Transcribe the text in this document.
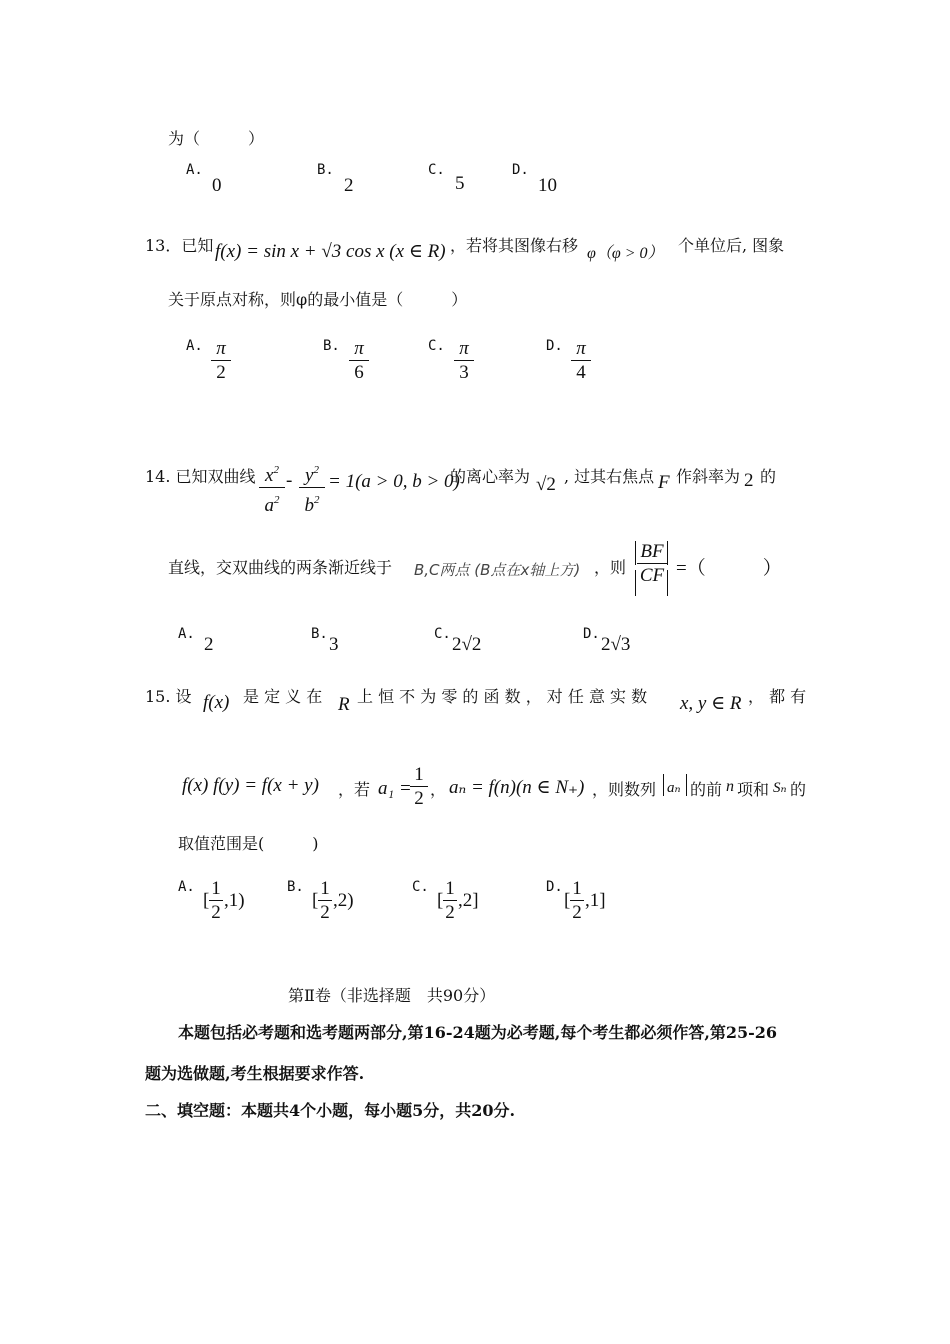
为（　　　）
A.
0
B.
2
C.
5
D.
10
13．已知 f(x) = sin x + √3 cos x (x ∈ R) ，若将其图像右移 φ（φ > 0） 个单位后, 图象
关于原点对称，则φ的最小值是（　　　）
A. $\frac{\pi}{2}$	B. $\frac{\pi}{6}$	C. $\frac{\pi}{3}$	D. $\frac{\pi}{4}$
14. 已知双曲线 $\frac{x^2}{a^2} - \frac{y^2}{b^2} = 1(a > 0$, b > 0)
的离心率为 √2 , 过其右焦点 F 作斜率为 2 的
直线，交双曲线的两条渐近线于 B,C两点 (B点在x轴上方) ，则 $\frac{BF}{CF}$ =（　　　）
A. 2	B. 3	C. 2√2	D. 2√3
15. 设 f(x) 是 定 义 在 R 上 恒 不 为 零 的 函 数 ， 对 任 意 实 数 x, y ∈ R ， 都 有
f(x) f(y) = f(x + y) ，若 a₁ =
$\frac{1}{2}$ ， aₙ = f(n)(n ∈ N₊) ，则数列 aₙ 的前 n 项和 Sₙ 的
取值范围是(　　　)
A.
[ $\frac{1}{2} ,1$)
B.
[ $\frac{1}{2} ,2$)
C.
[ $\frac{1}{2} ,2$]
D.
[ $\frac{1}{2} ,1$]
第Ⅱ卷（非选择题　共90分）
本题包括必考题和选考题两部分,第16-24题为必考题,每个考生都必须作答,第25-26
题为选做题,考生根据要求作答.
二、填空题：本题共4个小题，每小题5分，共20分.
